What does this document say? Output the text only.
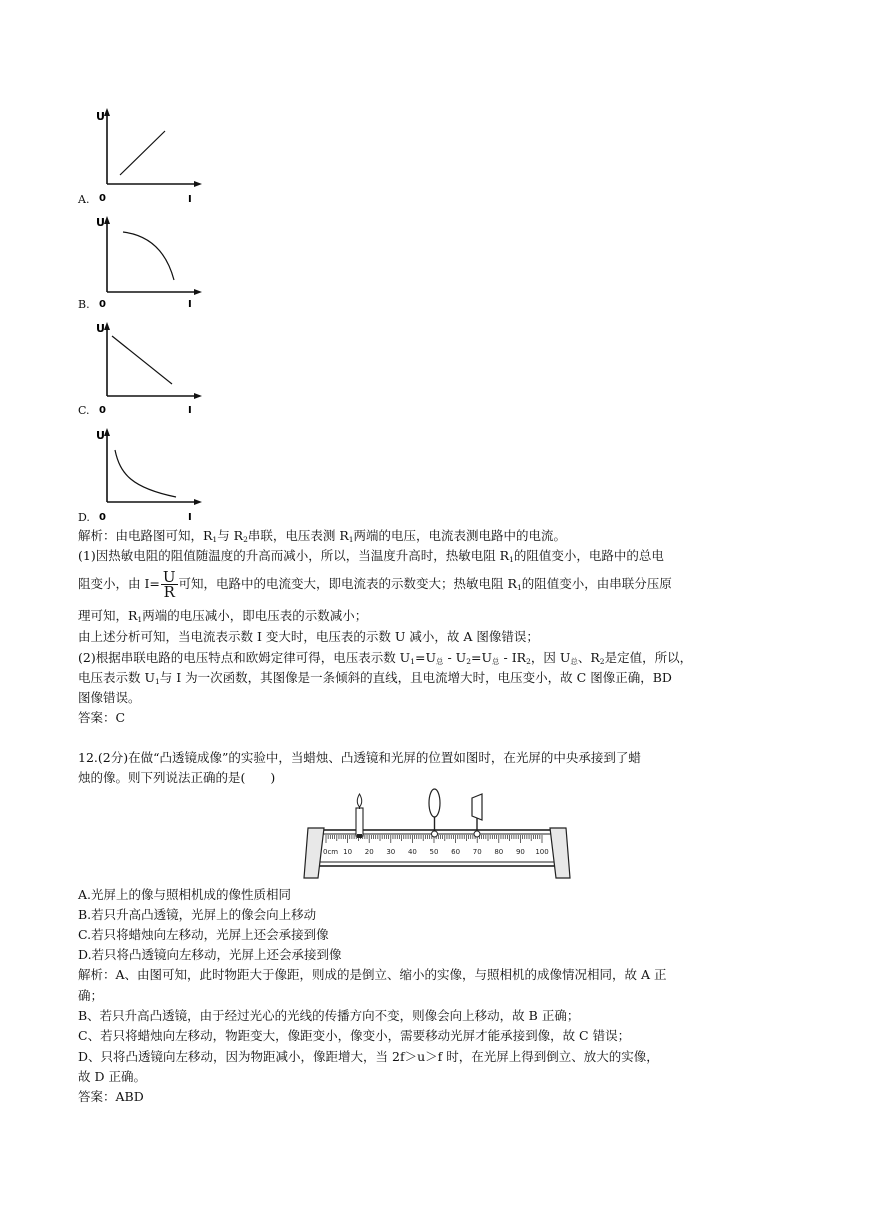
A.
U
0	I
B.
U
0	I
C.
U
0	I
D.
U
0	I
解析：由电路图可知，$R_1$与 $R_2$串联，电压表测 $R_1$两端的电压，电流表测电路中的电流。
(1)因热敏电阻的阻值随温度的升高而减小，所以，当温度升高时，热敏电阻 $R_1$的阻值变小，电路中的总电
阻变小，由 $I= \frac{U}{R}$ 可知，电路中的电流变大，即电流表的示数变大；热敏电阻 $R_1$的阻值变小，由串联分压原
理可知，$R_1$两端的电压减小，即电压表的示数减小；
由上述分析可知，当电流表示数 I 变大时，电压表的示数 U 减小，故 A 图像错误；
(2)根据串联电路的电压特点和欧姆定律可得，电压表示数 $U_1=U_总 - U_2=U_总 - IR_2$，因 $U_总$、$R_2$是定值，所以，
电压表示数 $U_1$与 I 为一次函数，其图像是一条倾斜的直线，且电流增大时，电压变小，故 C 图像正确，BD
图像错误。
答案：C
12.(2分)在做“凸透镜成像”的实验中，当蜡烛、凸透镜和光屏的位置如图时，在光屏的中央承接到了蜡
烛的像。则下列说法正确的是(　　)
0cm 10 20 30 40 50 60 70 80 90 100
A.光屏上的像与照相机成的像性质相同
B.若只升高凸透镜，光屏上的像会向上移动
C.若只将蜡烛向左移动，光屏上还会承接到像
D.若只将凸透镜向左移动，光屏上还会承接到像
解析：A、由图可知，此时物距大于像距，则成的是倒立、缩小的实像，与照相机的成像情况相同，故 A 正
确；
B、若只升高凸透镜，由于经过光心的光线的传播方向不变，则像会向上移动，故 B 正确；
C、若只将蜡烛向左移动，物距变大，像距变小，像变小，需要移动光屏才能承接到像，故 C 错误；
D、只将凸透镜向左移动，因为物距减小，像距增大，当 2f＞u＞f 时，在光屏上得到倒立、放大的实像，
故 D 正确。
答案：ABD
